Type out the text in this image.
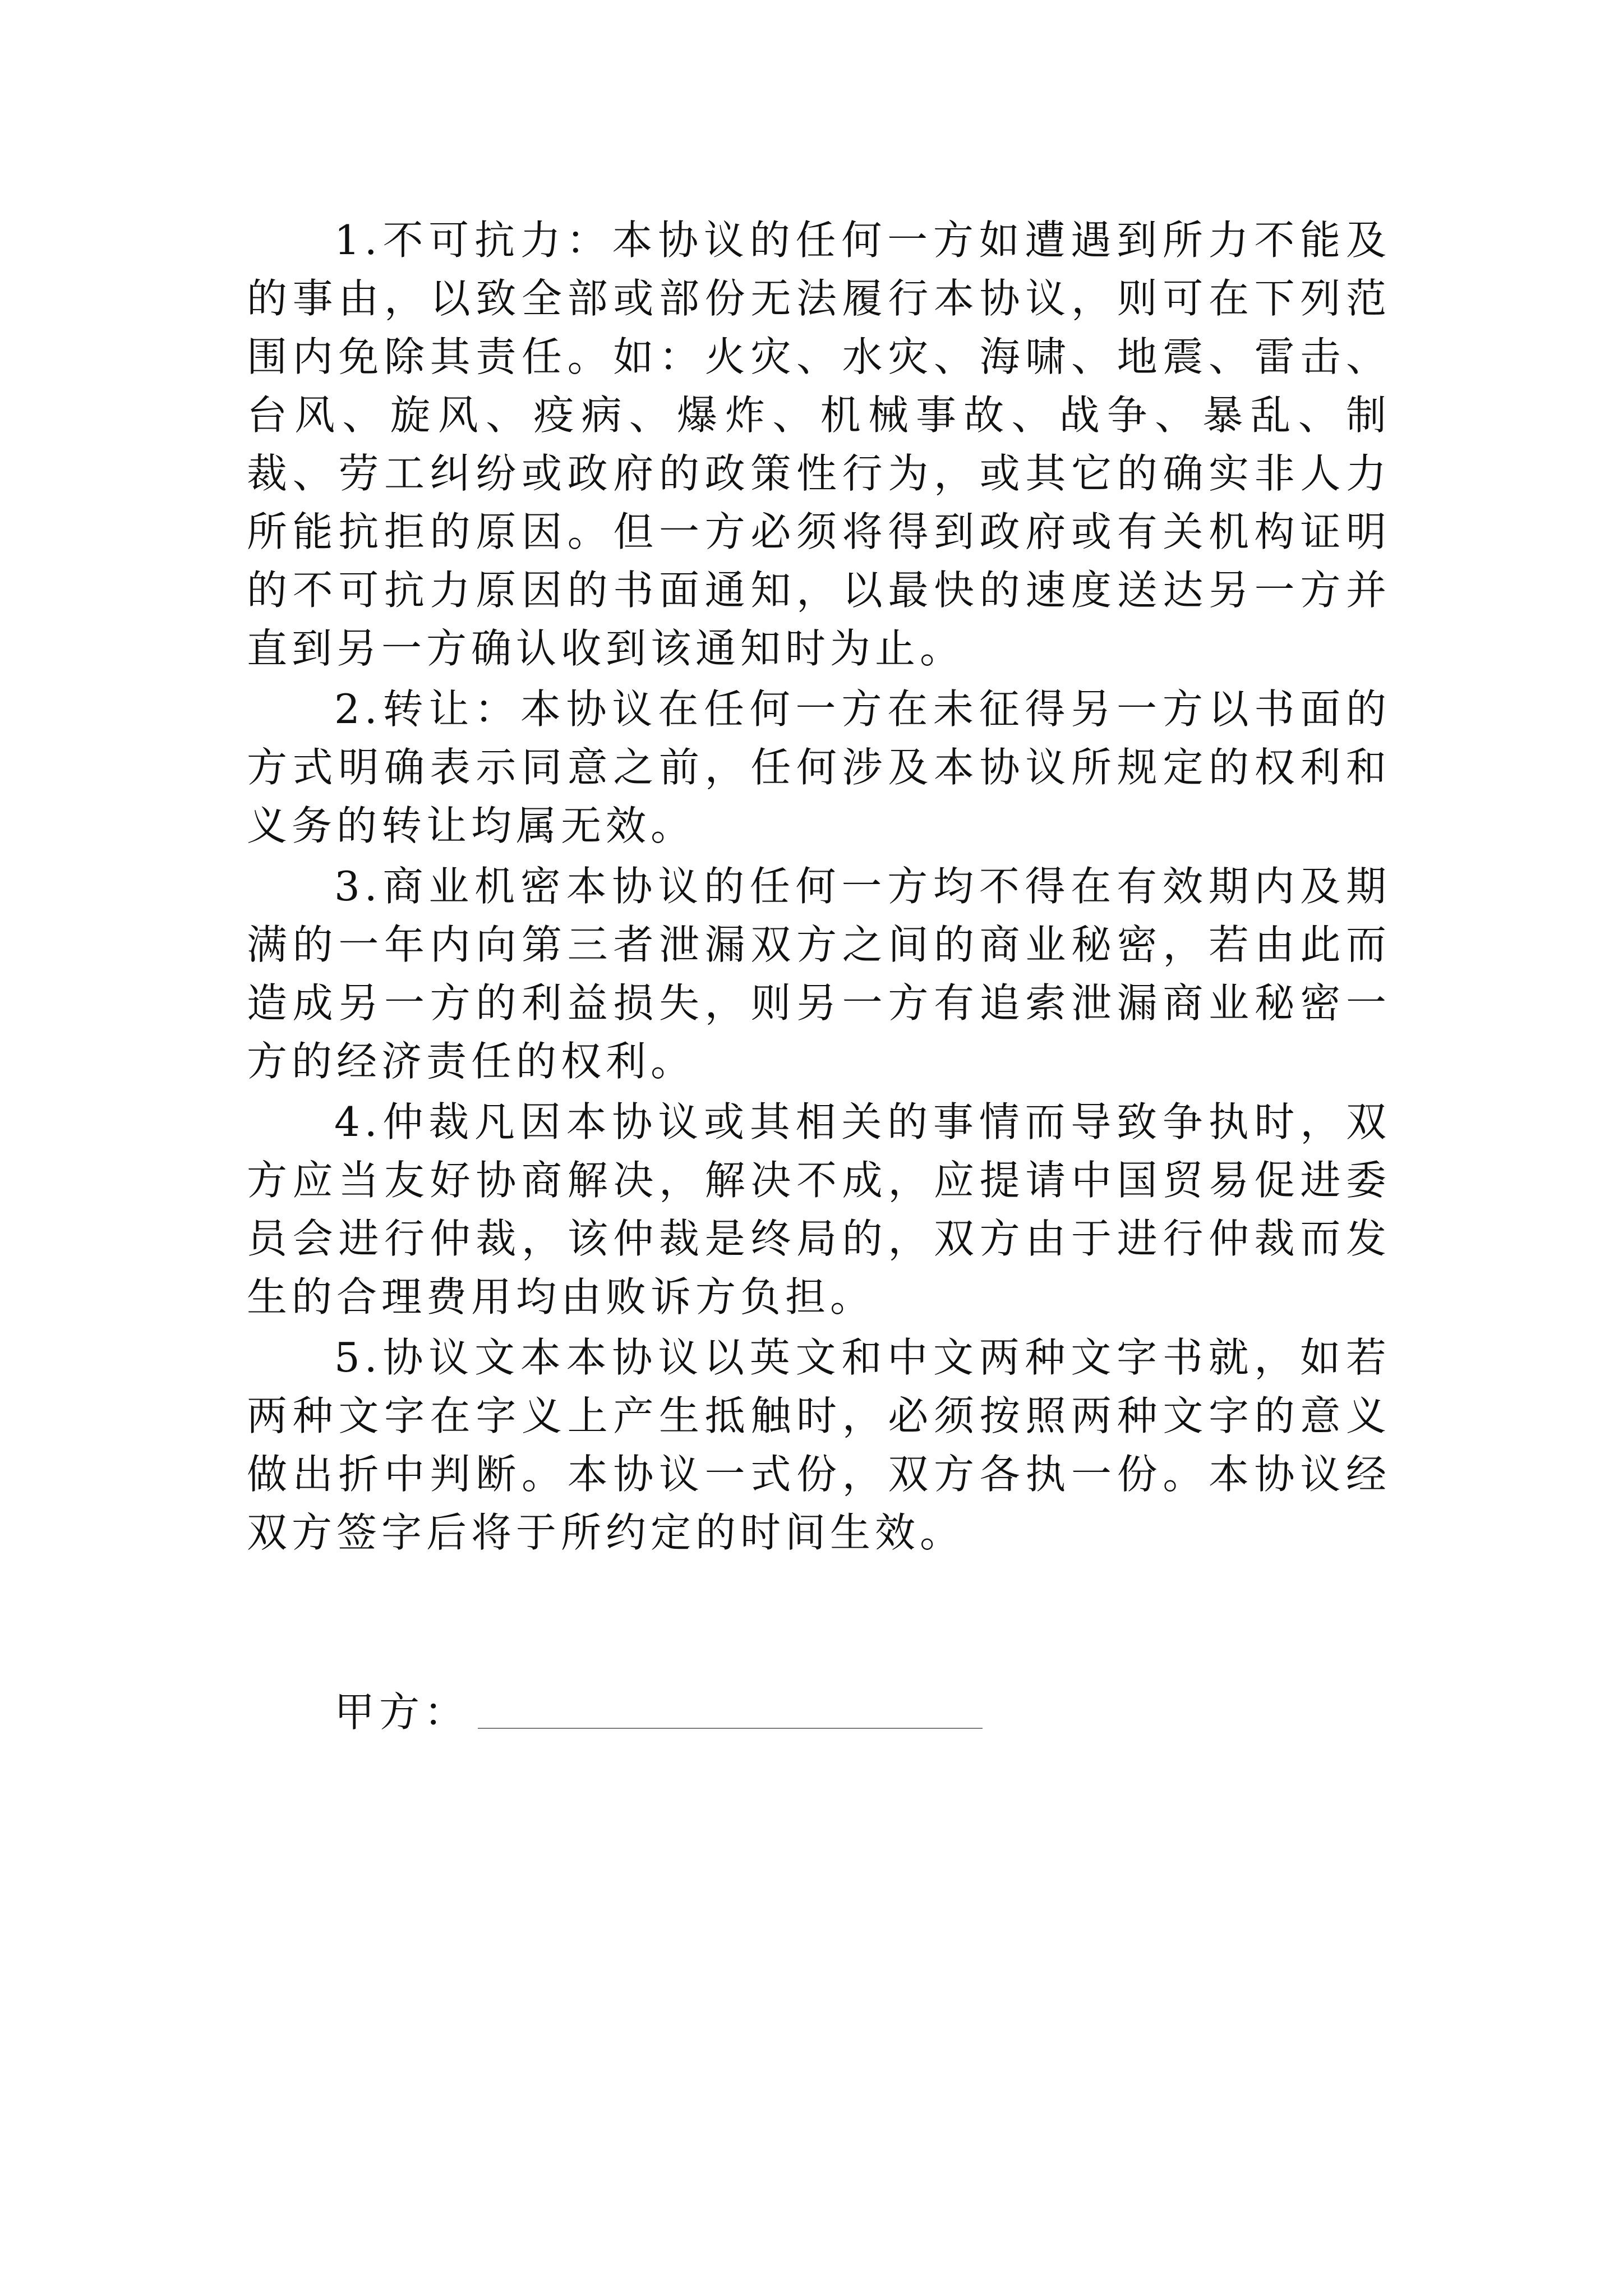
1.不可抗力：本协议的任何一方如遭遇到所力不能及的事由，以致全部或部份无法履行本协议，则可在下列范围内免除其责任。如：火灾、水灾、海啸、地震、雷击、台风、旋风、疫病、爆炸、机械事故、战争、暴乱、制裁、劳工纠纷或政府的政策性行为，或其它的确实非人力所能抗拒的原因。但一方必须将得到政府或有关机构证明的不可抗力原因的书面通知，以最快的速度送达另一方并直到另一方确认收到该通知时为止。

2.转让：本协议在任何一方在未征得另一方以书面的方式明确表示同意之前，任何涉及本协议所规定的权利和义务的转让均属无效。

3.商业机密本协议的任何一方均不得在有效期内及期满的一年内向第三者泄漏双方之间的商业秘密，若由此而造成另一方的利益损失，则另一方有追索泄漏商业秘密一方的经济责任的权利。

4.仲裁凡因本协议或其相关的事情而导致争执时，双方应当友好协商解决，解决不成，应提请中国贸易促进委员会进行仲裁，该仲裁是终局的，双方由于进行仲裁而发生的合理费用均由败诉方负担。

5.协议文本本协议以英文和中文两种文字书就，如若两种文字在字义上产生抵触时，必须按照两种文字的意义做出折中判断。本协议一式份，双方各执一份。本协议经双方签字后将于所约定的时间生效。

甲方：
